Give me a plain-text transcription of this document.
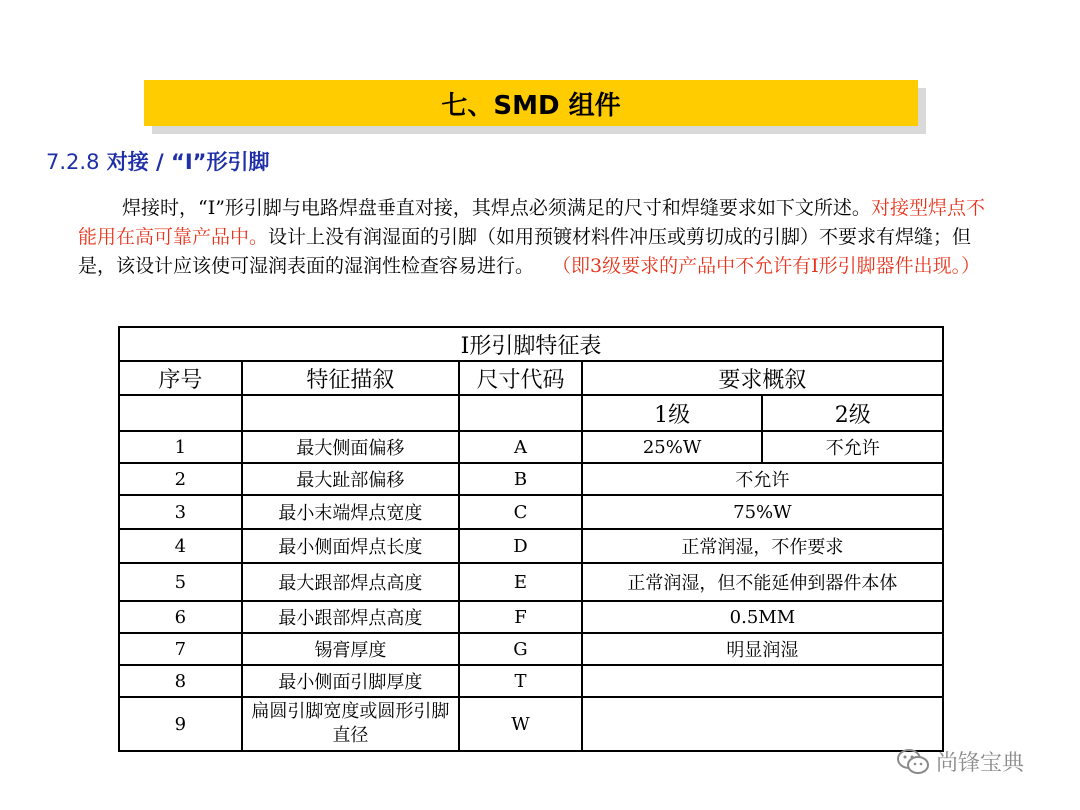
七、SMD 组件
7.2.8 对接 / “I”形引脚
焊接时，“I”形引脚与电路焊盘垂直对接，其焊点必须满足的尺寸和焊缝要求如下文所述。对接型焊点不能用在高可靠产品中。设计上没有润湿面的引脚（如用预镀材料件冲压或剪切成的引脚）不要求有焊缝；但是，该设计应该使可湿润表面的湿润性检查容易进行。 （即3级要求的产品中不允许有I形引脚器件出现。）
I形引脚特征表				
序号	特征描叙	尺寸代码	要求概叙	
			1级	2级
1	最大侧面偏移	A	25%W	不允许
2	最大趾部偏移	B	不允许	
3	最小末端焊点宽度	C	75%W	
4	最小侧面焊点长度	D	正常润湿，不作要求	
5	最大跟部焊点高度	E	正常润湿，但不能延伸到器件本体	
6	最小跟部焊点高度	F	0.5MM	
7	锡膏厚度	G	明显润湿	
8	最小侧面引脚厚度	T		
9	扁圆引脚宽度或圆形引脚直径	W		
尚锋宝典
